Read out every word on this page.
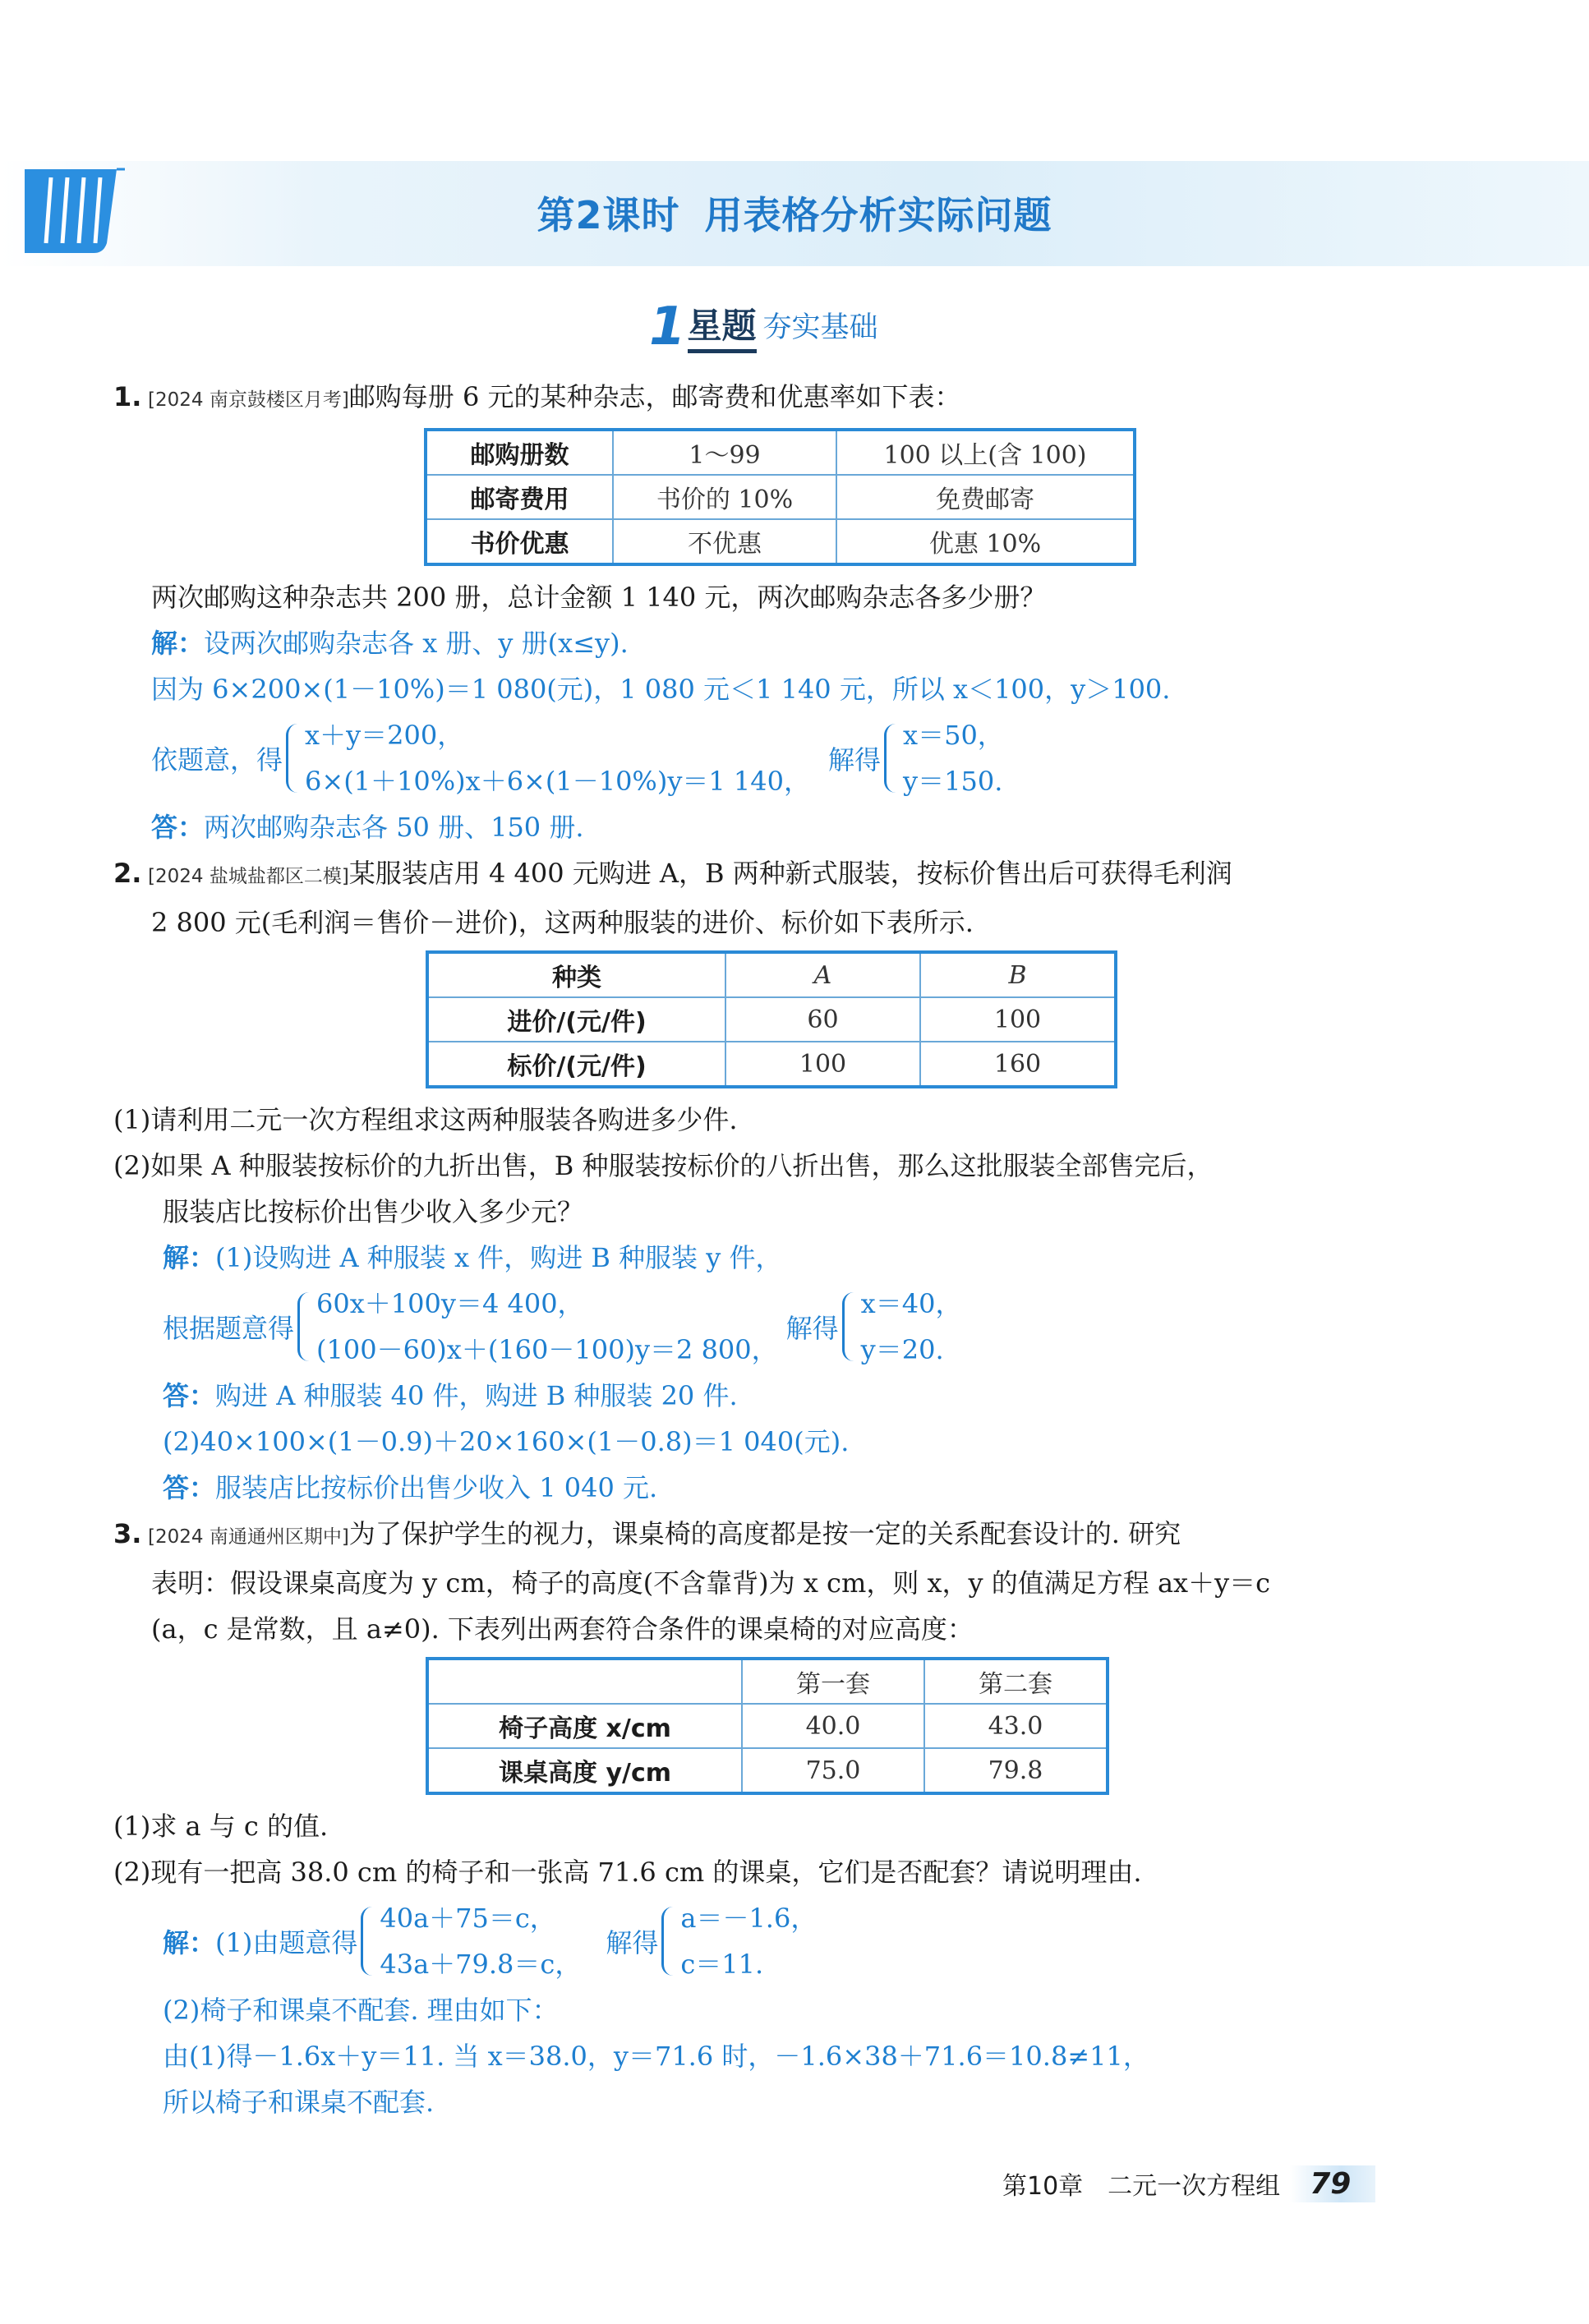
第2课时 用表格分析实际问题
1 星题 夯实基础
1. [2024 南京鼓楼区月考]邮购每册 6 元的某种杂志，邮寄费和优惠率如下表：
邮购册数	1～99	100 以上(含 100)
邮寄费用	书价的 10%	免费邮寄
书价优惠	不优惠	优惠 10%
两次邮购这种杂志共 200 册，总计金额 1 140 元，两次邮购杂志各多少册？
解：设两次邮购杂志各 x 册、y 册(x≤y).
因为 6×200×(1－10%)＝1 080(元)，1 080 元＜1 140 元，所以 x＜100，y＞100.
依题意，得
x＋y＝200，
6×(1＋10%)x＋6×(1－10%)y＝1 140，
解得
x＝50，
y＝150.
答：两次邮购杂志各 50 册、150 册.
2. [2024 盐城盐都区二模]某服装店用 4 400 元购进 A，B 两种新式服装，按标价售出后可获得毛利润
2 800 元(毛利润＝售价－进价)，这两种服装的进价、标价如下表所示.
种类	A	B
进价/(元/件)	60	100
标价/(元/件)	100	160
(1)请利用二元一次方程组求这两种服装各购进多少件.
(2)如果 A 种服装按标价的九折出售，B 种服装按标价的八折出售，那么这批服装全部售完后，
服装店比按标价出售少收入多少元？
解：(1)设购进 A 种服装 x 件，购进 B 种服装 y 件，
根据题意得
60x＋100y＝4 400，
(100－60)x＋(160－100)y＝2 800，
解得
x＝40，
y＝20.
答：购进 A 种服装 40 件，购进 B 种服装 20 件.
(2)40×100×(1－0.9)＋20×160×(1－0.8)＝1 040(元).
答：服装店比按标价出售少收入 1 040 元.
3. [2024 南通通州区期中]为了保护学生的视力，课桌椅的高度都是按一定的关系配套设计的. 研究
表明：假设课桌高度为 y cm，椅子的高度(不含靠背)为 x cm，则 x，y 的值满足方程 ax＋y＝c
(a，c 是常数，且 a≠0). 下表列出两套符合条件的课桌椅的对应高度：
	第一套	第二套
椅子高度 x/cm	40.0	43.0
课桌高度 y/cm	75.0	79.8
(1)求 a 与 c 的值.
(2)现有一把高 38.0 cm 的椅子和一张高 71.6 cm 的课桌，它们是否配套？请说明理由.
解： (1)由题意得
40a＋75＝c，
43a＋79.8＝c，
解得
a＝－1.6，
c＝11.
(2)椅子和课桌不配套. 理由如下：
由(1)得－1.6x＋y＝11. 当 x＝38.0，y＝71.6 时，－1.6×38＋71.6＝10.8≠11，
所以椅子和课桌不配套.
第10章　二元一次方程组	79
